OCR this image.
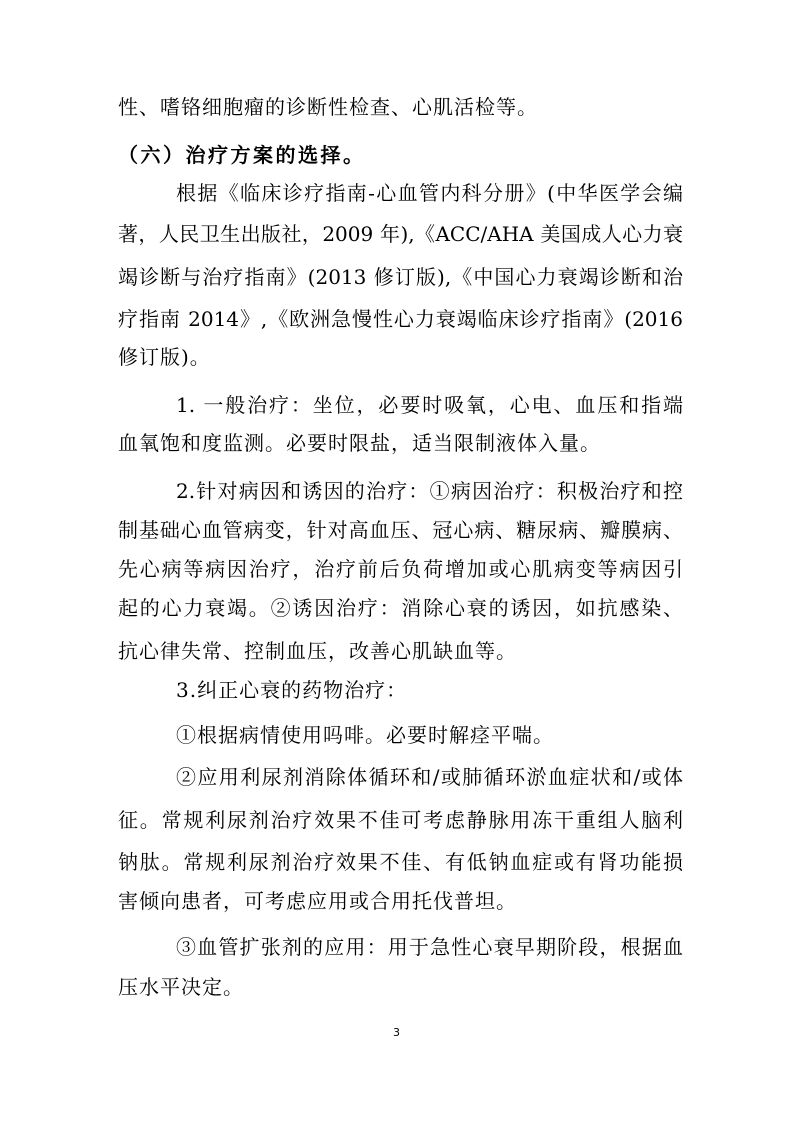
性、嗜铬细胞瘤的诊断性检查、心肌活检等。
（六）治疗方案的选择。
根据《临床诊疗指南-心血管内科分册》(中华医学会编
著，人民卫生出版社，2009 年),《ACC/AHA 美国成人心力衰
竭诊断与治疗指南》(2013 修订版),《中国心力衰竭诊断和治
疗指南 2014》,《欧洲急慢性心力衰竭临床诊疗指南》(2016
修订版)。
1. 一般治疗：坐位，必要时吸氧，心电、血压和指端
血氧饱和度监测。必要时限盐，适当限制液体入量。
2.针对病因和诱因的治疗：①病因治疗：积极治疗和控
制基础心血管病变，针对高血压、冠心病、糖尿病、瓣膜病、
先心病等病因治疗，治疗前后负荷增加或心肌病变等病因引
起的心力衰竭。②诱因治疗：消除心衰的诱因，如抗感染、
抗心律失常、控制血压，改善心肌缺血等。
3.纠正心衰的药物治疗：
①根据病情使用吗啡。必要时解痉平喘。
②应用利尿剂消除体循环和/或肺循环淤血症状和/或体
征。常规利尿剂治疗效果不佳可考虑静脉用冻干重组人脑利
钠肽。常规利尿剂治疗效果不佳、有低钠血症或有肾功能损
害倾向患者，可考虑应用或合用托伐普坦。
③血管扩张剂的应用：用于急性心衰早期阶段，根据血
压水平决定。
3
